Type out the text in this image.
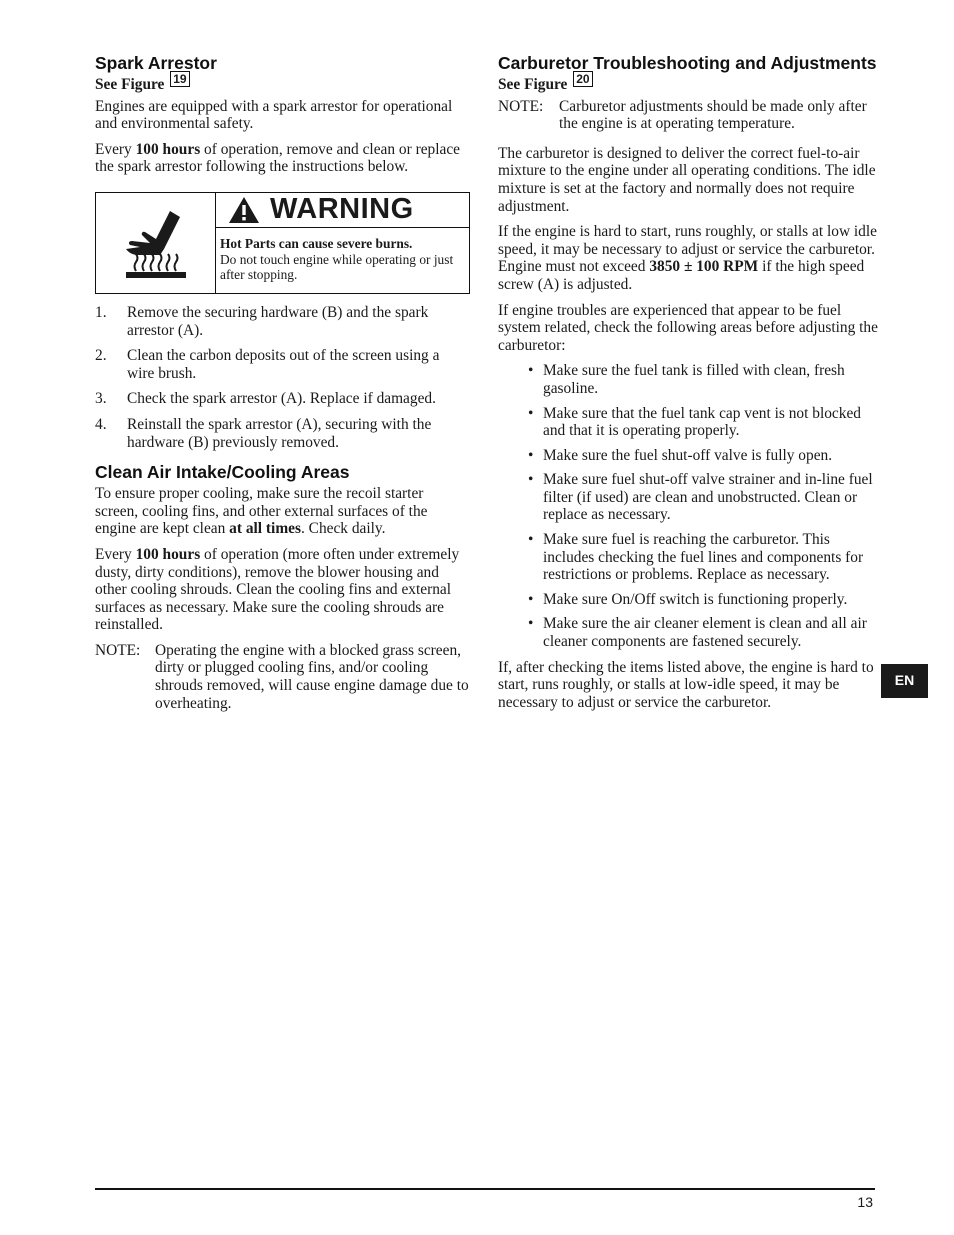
Spark Arrestor
See Figure 19

Engines are equipped with a spark arrestor for operational and environmental safety.

Every 100 hours of operation, remove and clean or replace the spark arrestor following the instructions below.

WARNING
Hot Parts can cause severe burns.
Do not touch engine while operating or just after stopping.
1.	Remove the securing hardware (B) and the spark arrestor (A).
2.	Clean the carbon deposits out of the screen using a wire brush.
3.	Check the spark arrestor (A). Replace if damaged.
4.	Reinstall the spark arrestor (A), securing with the hardware (B) previously removed.
Clean Air Intake/Cooling Areas

To ensure proper cooling, make sure the recoil starter screen, cooling fins, and other external surfaces of the engine are kept clean at all times. Check daily.

Every 100 hours of operation (more often under extremely dusty, dirty conditions), remove the blower housing and other cooling shrouds. Clean the cooling fins and external surfaces as necessary. Make sure the cooling shrouds are reinstalled.

NOTE: Operating the engine with a blocked grass screen, dirty or plugged cooling fins, and/or cooling shrouds removed, will cause engine damage due to overheating.
Carburetor Troubleshooting and Adjustments
See Figure 20
NOTE:	Carburetor adjustments should be made only after the engine is at operating temperature.

The carburetor is designed to deliver the correct fuel-to-air mixture to the engine under all operating conditions. The idle mixture is set at the factory and normally does not require adjustment.

If the engine is hard to start, runs roughly, or stalls at low idle speed, it may be necessary to adjust or service the carburetor. Engine must not exceed 3850 ± 100 RPM if the high speed screw (A) is adjusted.

If engine troubles are experienced that appear to be fuel system related, check the following areas before adjusting the carburetor:

• Make sure the fuel tank is filled with clean, fresh gasoline.
• Make sure that the fuel tank cap vent is not blocked and that it is operating properly.
• Make sure the fuel shut-off valve is fully open.
• Make sure fuel shut-off valve strainer and in-line fuel filter (if used) are clean and unobstructed. Clean or replace as necessary.
• Make sure fuel is reaching the carburetor. This includes checking the fuel lines and components for restrictions or problems. Replace as necessary.
• Make sure On/Off switch is functioning properly.
• Make sure the air cleaner element is clean and all air cleaner components are fastened securely.

If, after checking the items listed above, the engine is hard to start, runs roughly, or stalls at low-idle speed, it may be necessary to adjust or service the carburetor.

EN
13
